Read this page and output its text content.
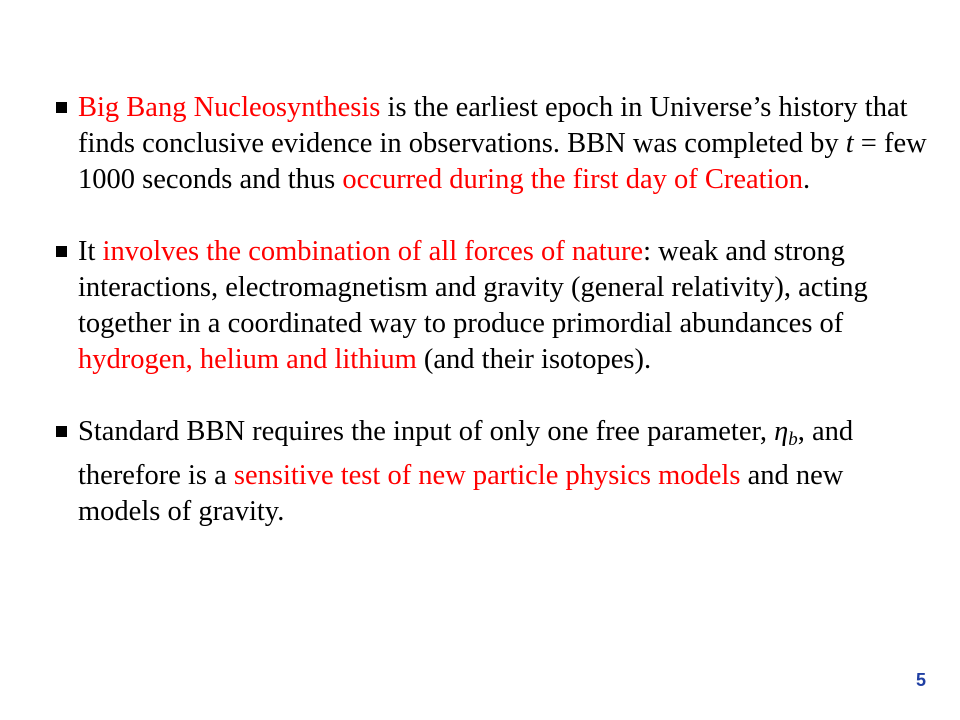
Big Bang Nucleosynthesis is the earliest epoch in Universe’s history that finds conclusive evidence in observations. BBN was completed by t = few 1000 seconds and thus occurred during the first day of Creation.
It involves the combination of all forces of nature: weak and strong interactions, electromagnetism and gravity (general relativity), acting together in a coordinated way to produce primordial abundances of hydrogen, helium and lithium (and their isotopes).
Standard BBN requires the input of only one free parameter, $\eta_b$, and therefore is a sensitive test of new particle physics models and new models of gravity.
5
